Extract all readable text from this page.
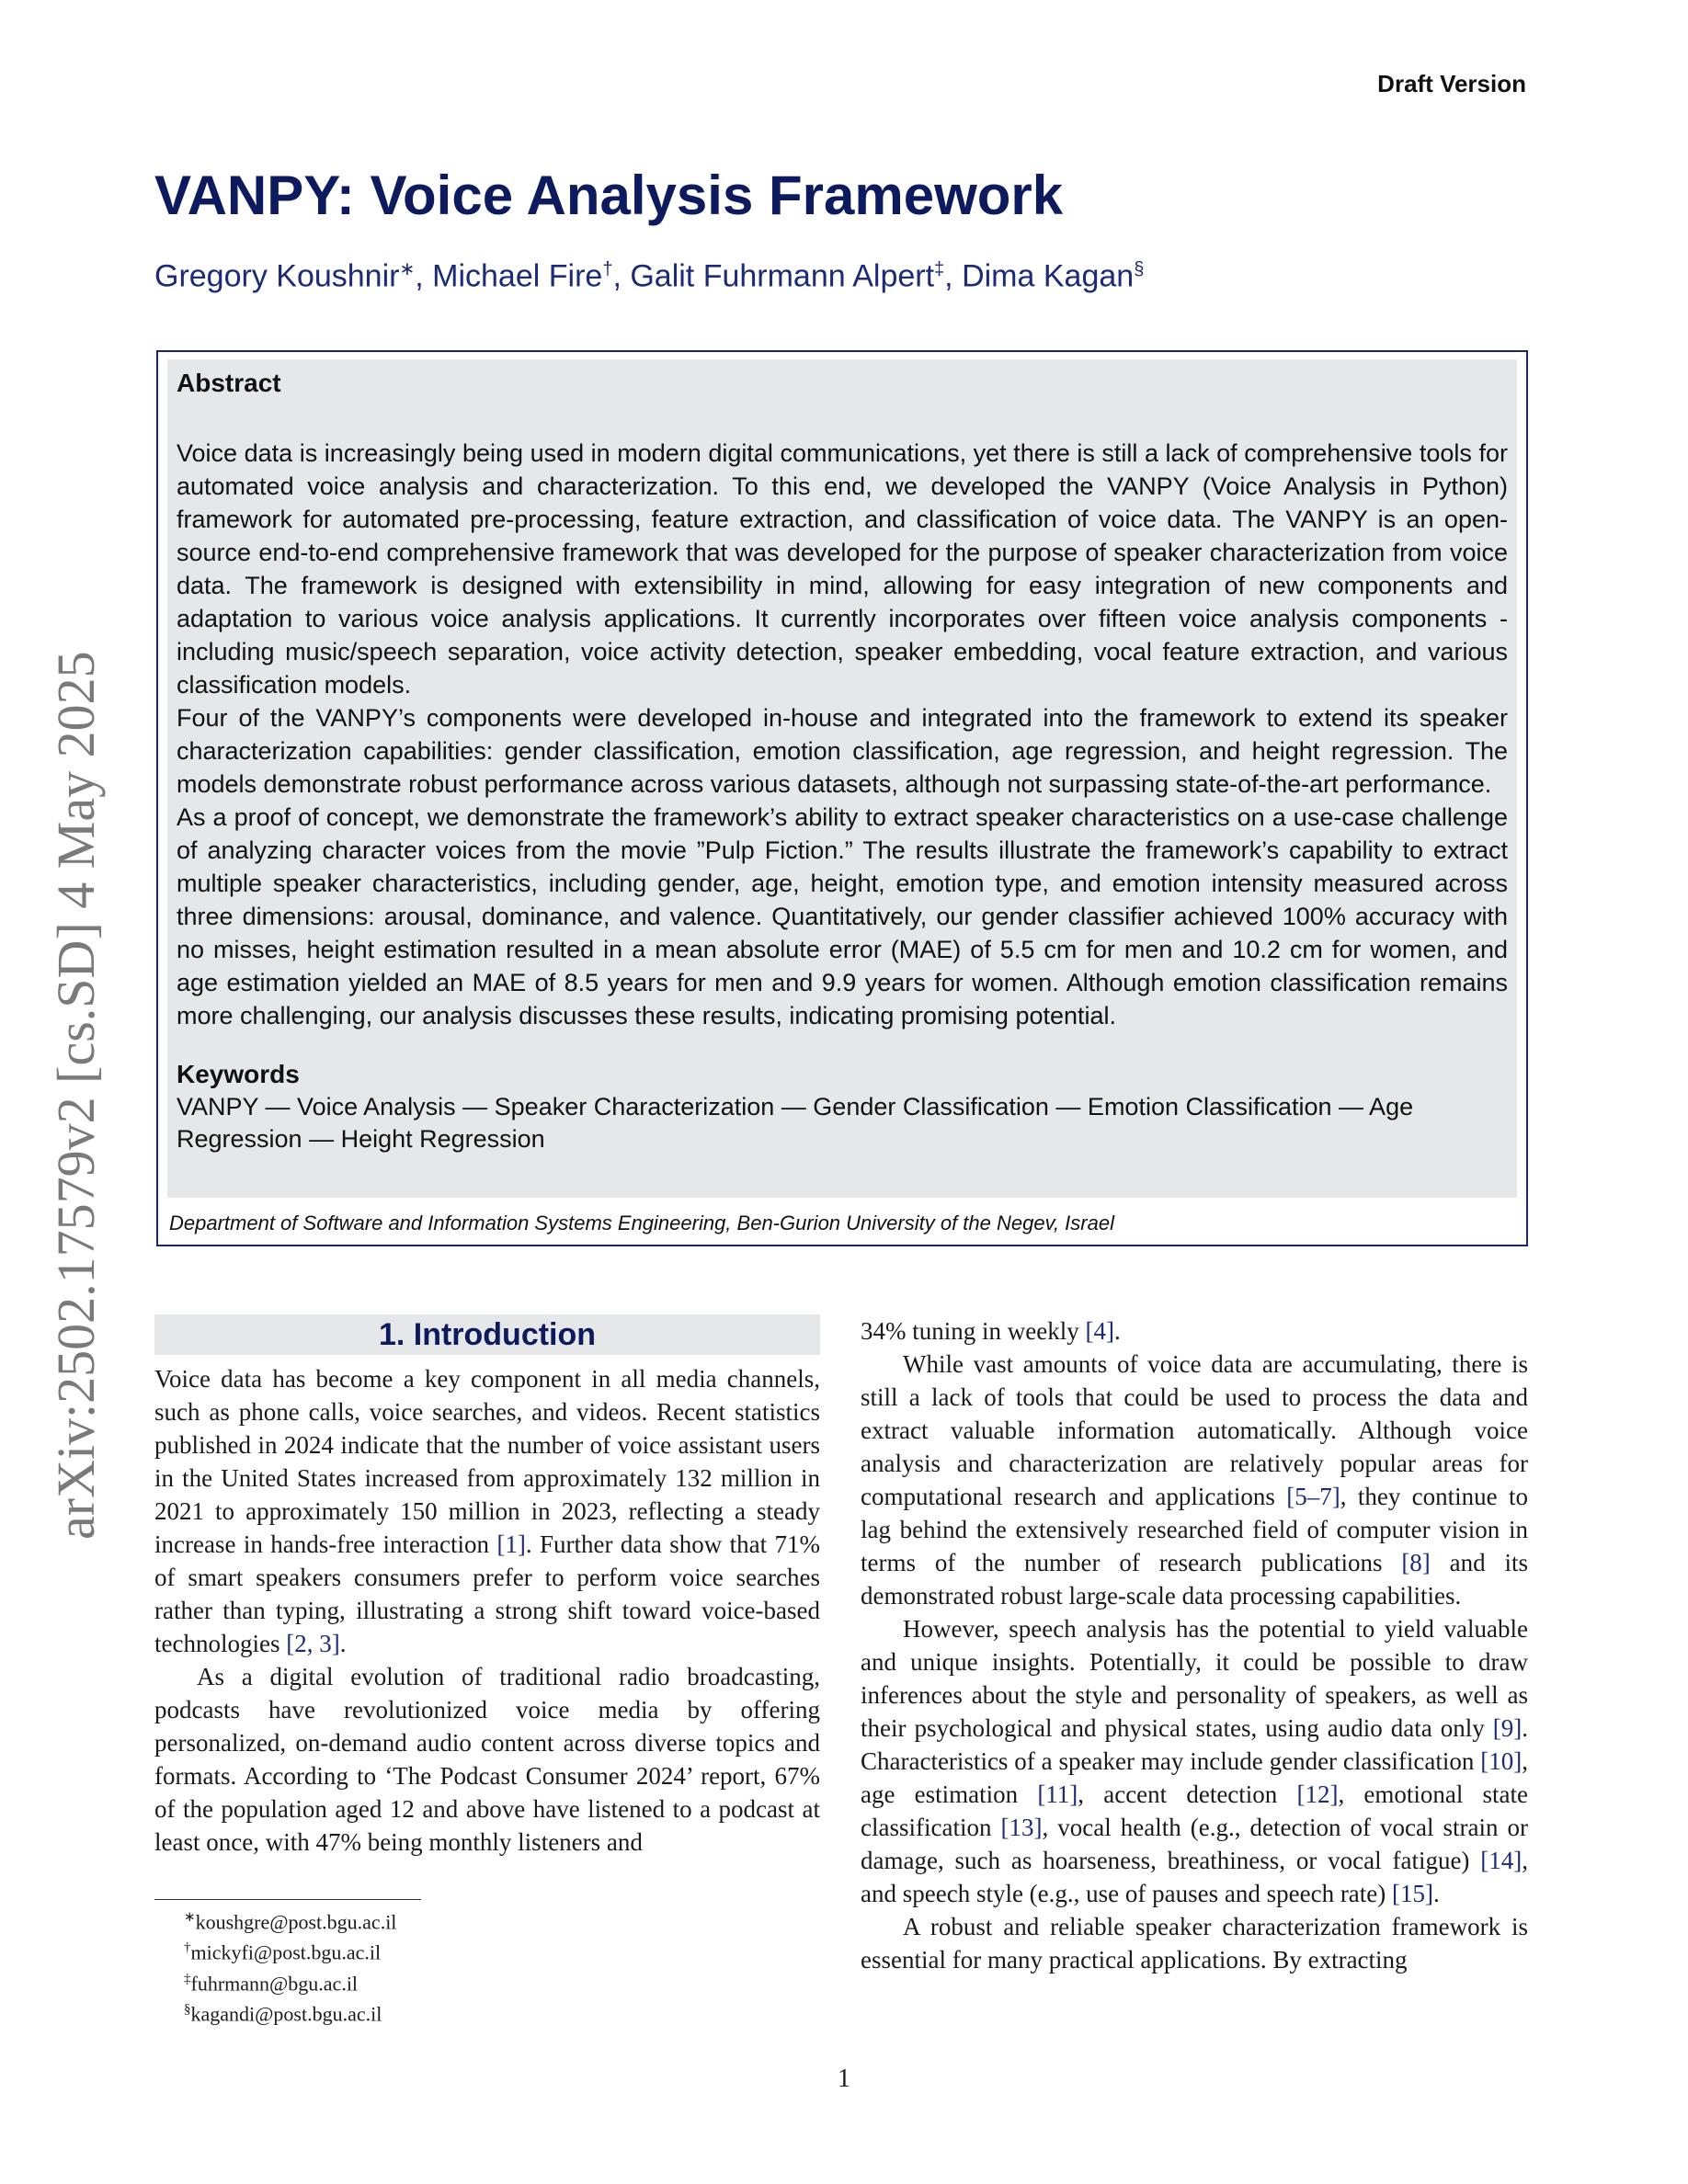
Draft Version
arXiv:2502.17579v2 [cs.SD] 4 May 2025
VANPY: Voice Analysis Framework
Gregory Koushnir∗, Michael Fire†, Galit Fuhrmann Alpert‡, Dima Kagan§
Abstract

Voice data is increasingly being used in modern digital communications, yet there is still a lack of comprehensive tools for automated voice analysis and characterization. To this end, we developed the VANPY (Voice Analysis in Python) framework for automated pre-processing, feature extraction, and classification of voice data. The VANPY is an open-source end-to-end comprehensive framework that was developed for the purpose of speaker characterization from voice data. The framework is designed with extensibility in mind, allowing for easy integration of new components and adaptation to various voice analysis applications. It currently incorporates over fifteen voice analysis components - including music/speech separation, voice activity detection, speaker embedding, vocal feature extraction, and various classification models.

Four of the VANPY’s components were developed in-house and integrated into the framework to extend its speaker characterization capabilities: gender classification, emotion classification, age regression, and height regression. The models demonstrate robust performance across various datasets, although not surpassing state-of-the-art performance.

As a proof of concept, we demonstrate the framework’s ability to extract speaker characteristics on a use-case challenge of analyzing character voices from the movie ”Pulp Fiction.” The results illustrate the framework’s capability to extract multiple speaker characteristics, including gender, age, height, emotion type, and emotion intensity measured across three dimensions: arousal, dominance, and valence. Quantitatively, our gender classifier achieved 100% accuracy with no misses, height estimation resulted in a mean absolute error (MAE) of 5.5 cm for men and 10.2 cm for women, and age estimation yielded an MAE of 8.5 years for men and 9.9 years for women. Although emotion classification remains more challenging, our analysis discusses these results, indicating promising potential.

Keywords
VANPY — Voice Analysis — Speaker Characterization — Gender Classification — Emotion Classification — Age Regression — Height Regression
Department of Software and Information Systems Engineering, Ben-Gurion University of the Negev, Israel
1. Introduction

Voice data has become a key component in all media channels, such as phone calls, voice searches, and videos. Recent statistics published in 2024 indicate that the number of voice assistant users in the United States increased from approximately 132 million in 2021 to approximately 150 million in 2023, reflecting a steady increase in hands-free interaction [1]. Further data show that 71% of smart speakers consumers prefer to perform voice searches rather than typing, illustrating a strong shift toward voice-based technologies [2, 3].

As a digital evolution of traditional radio broadcasting, podcasts have revolutionized voice media by offering personalized, on-demand audio content across diverse topics and formats. According to ‘The Podcast Consumer 2024’ report, 67% of the population aged 12 and above have listened to a podcast at least once, with 47% being monthly listeners and

34% tuning in weekly [4].

While vast amounts of voice data are accumulating, there is still a lack of tools that could be used to process the data and extract valuable information automatically. Although voice analysis and characterization are relatively popular areas for computational research and applications [5–7], they continue to lag behind the extensively researched field of computer vision in terms of the number of research publications [8] and its demonstrated robust large-scale data processing capabilities.

However, speech analysis has the potential to yield valuable and unique insights. Potentially, it could be possible to draw inferences about the style and personality of speakers, as well as their psychological and physical states, using audio data only [9]. Characteristics of a speaker may include gender classification [10], age estimation [11], accent detection [12], emotional state classification [13], vocal health (e.g., detection of vocal strain or damage, such as hoarseness, breathiness, or vocal fatigue) [14], and speech style (e.g., use of pauses and speech rate) [15].

A robust and reliable speaker characterization framework is essential for many practical applications. By extracting

∗koushgre@post.bgu.ac.il
†mickyfi@post.bgu.ac.il
‡fuhrmann@bgu.ac.il
§kagandi@post.bgu.ac.il
1
